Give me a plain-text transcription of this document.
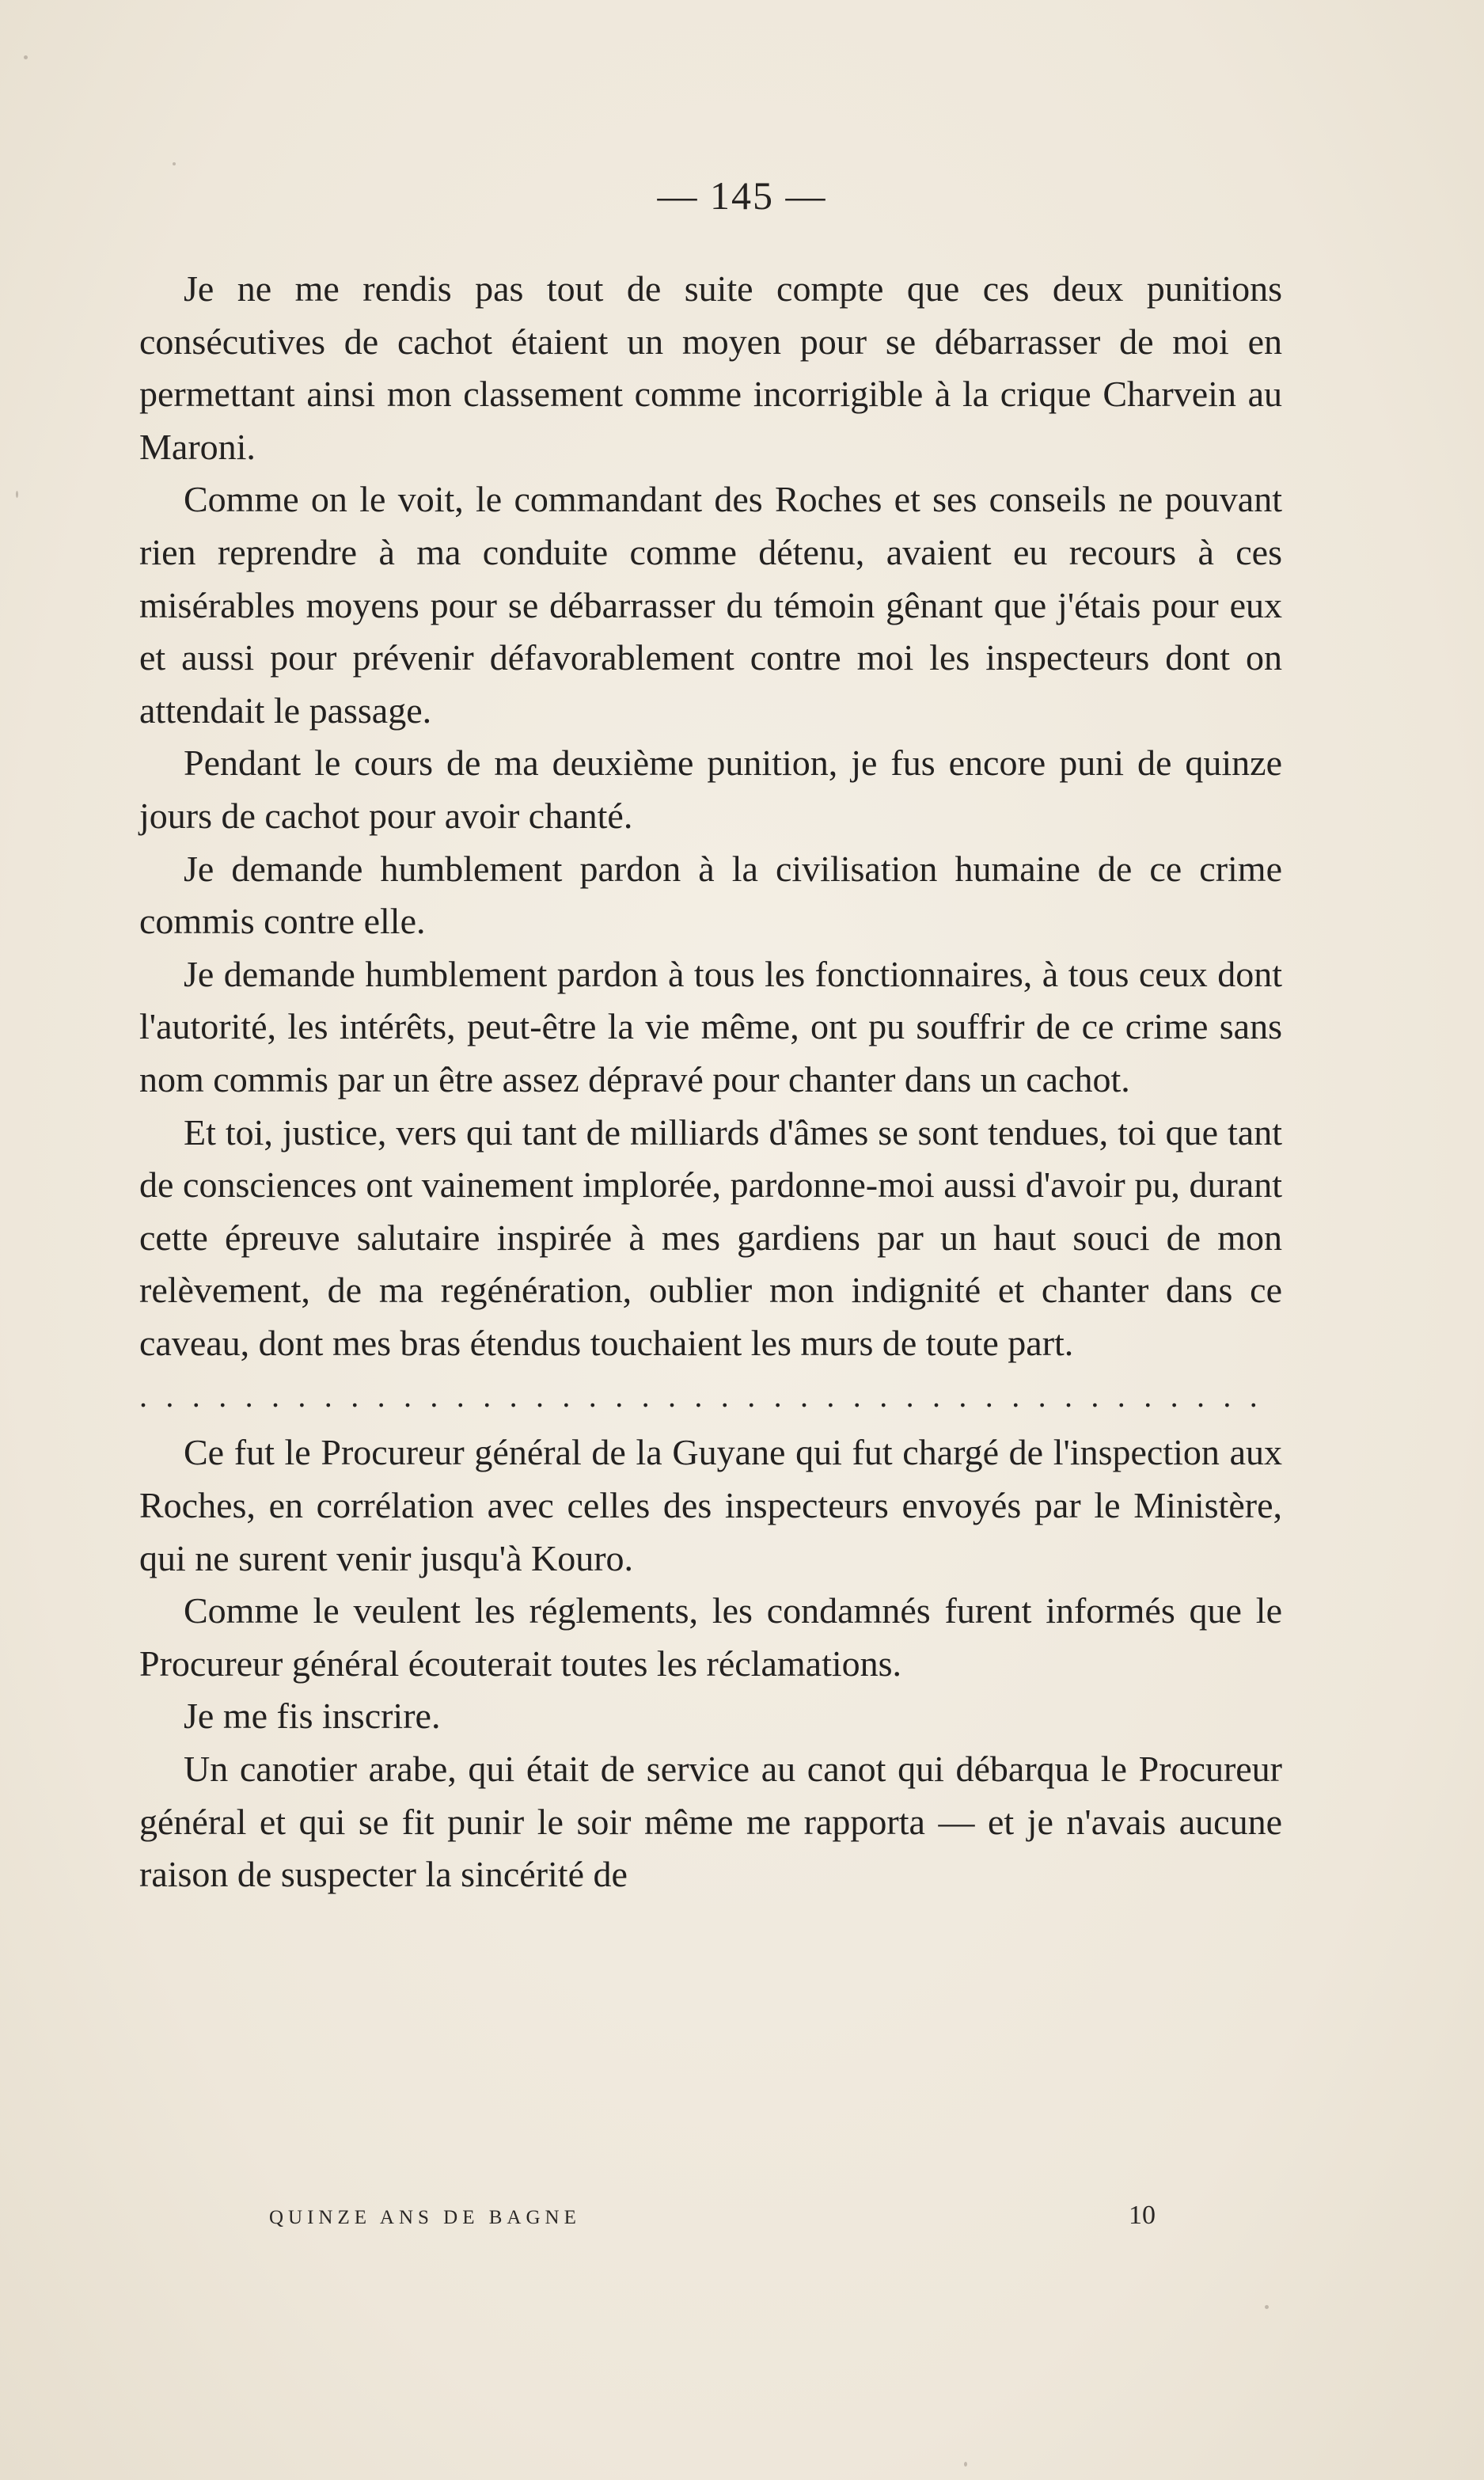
— 145 —

Je ne me rendis pas tout de suite compte que ces deux punitions consécutives de cachot étaient un moyen pour se débarrasser de moi en permettant ainsi mon classement comme incorrigible à la crique Charvein au Maroni.

Comme on le voit, le commandant des Roches et ses conseils ne pouvant rien reprendre à ma conduite comme détenu, avaient eu recours à ces misérables moyens pour se débarrasser du témoin gênant que j'étais pour eux et aussi pour prévenir défavorablement contre moi les inspecteurs dont on attendait le passage.

Pendant le cours de ma deuxième punition, je fus encore puni de quinze jours de cachot pour avoir chanté.

Je demande humblement pardon à la civilisation humaine de ce crime commis contre elle.

Je demande humblement pardon à tous les fonctionnaires, à tous ceux dont l'autorité, les intérêts, peut-être la vie même, ont pu souffrir de ce crime sans nom commis par un être assez dépravé pour chanter dans un cachot.

Et toi, justice, vers qui tant de milliards d'âmes se sont tendues, toi que tant de consciences ont vainement implorée, pardonne-moi aussi d'avoir pu, durant cette épreuve salutaire inspirée à mes gardiens par un haut souci de mon relèvement, de ma regénération, oublier mon indignité et chanter dans ce caveau, dont mes bras étendus touchaient les murs de toute part.

...........................................

Ce fut le Procureur général de la Guyane qui fut chargé de l'inspection aux Roches, en corrélation avec celles des inspecteurs envoyés par le Ministère, qui ne surent venir jusqu'à Kouro.

Comme le veulent les réglements, les condamnés furent informés que le Procureur général écouterait toutes les réclamations.

Je me fis inscrire.

Un canotier arabe, qui était de service au canot qui débarqua le Procureur général et qui se fit punir le soir même me rapporta — et je n'avais aucune raison de suspecter la sincérité de

QUINZE ANS DE BAGNE	10
